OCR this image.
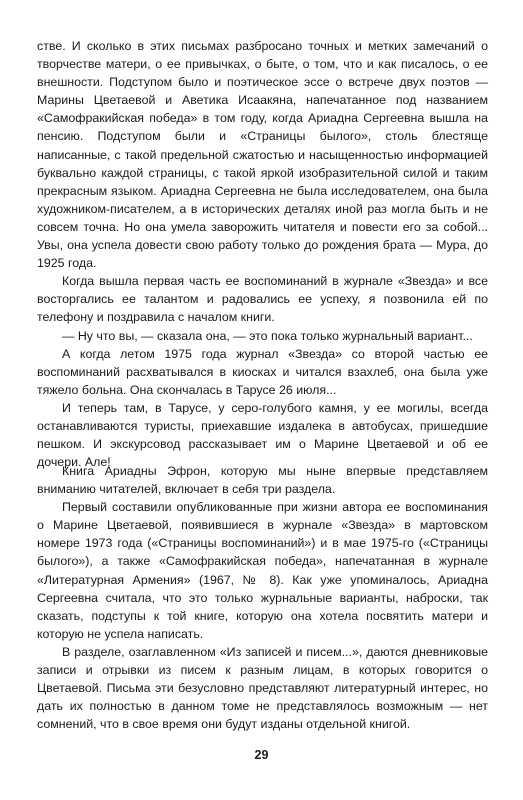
стве. И сколько в этих письмах разбросано точных и метких замечаний о творчестве матери, о ее привычках, о быте, о том, что и как писалось, о ее внешности. Подступом было и поэтическое эссе о встрече двух поэтов — Марины Цветаевой и Аветика Исаакяна, напечатанное под названием «Самофракийская победа» в том году, когда Ариадна Сергеевна вышла на пенсию. Подступом были и «Страницы былого», столь блестяще написанные, с такой предельной сжатостью и насыщенностью информацией буквально каждой страницы, с такой яркой изобразительной силой и таким прекрасным языком. Ариадна Сергеевна не была исследователем, она была художником-писателем, а в исторических деталях иной раз могла быть и не совсем точна. Но она умела заворожить читателя и повести его за собой... Увы, она успела довести свою работу только до рождения брата — Мура, до 1925 года.

Когда вышла первая часть ее воспоминаний в журнале «Звезда» и все восторгались ее талантом и радовались ее успеху, я позвонила ей по телефону и поздравила с началом книги.

— Ну что вы, — сказала она, — это пока только журнальный вариант...

А когда летом 1975 года журнал «Звезда» со второй частью ее воспоминаний расхватывался в киосках и читался взахлеб, она была уже тяжело больна. Она скончалась в Тарусе 26 июля...

И теперь там, в Тарусе, у серо-голубого камня, у ее могилы, всегда останавливаются туристы, приехавшие издалека в автобусах, пришедшие пешком. И экскурсовод рассказывает им о Марине Цветаевой и об ее дочери. Але!

Книга Ариадны Эфрон, которую мы ныне впервые представляем вниманию читателей, включает в себя три раздела.

Первый составили опубликованные при жизни автора ее воспоминания о Марине Цветаевой, появившиеся в журнале «Звезда» в мартовском номере 1973 года («Страницы воспоминаний») и в мае 1975-го («Страницы былого»), а также «Самофракийская победа», напечатанная в журнале «Литературная Армения» (1967, № 8). Как уже упоминалось, Ариадна Сергеевна считала, что это только журнальные варианты, наброски, так сказать, подступы к той книге, которую она хотела посвятить матери и которую не успела написать.

В разделе, озаглавленном «Из записей и писем...», даются дневниковые записи и отрывки из писем к разным лицам, в которых говорится о Цветаевой. Письма эти безусловно представляют литературный интерес, но дать их полностью в данном томе не представлялось возможным — нет сомнений, что в свое время они будут изданы отдельной книгой.

29
